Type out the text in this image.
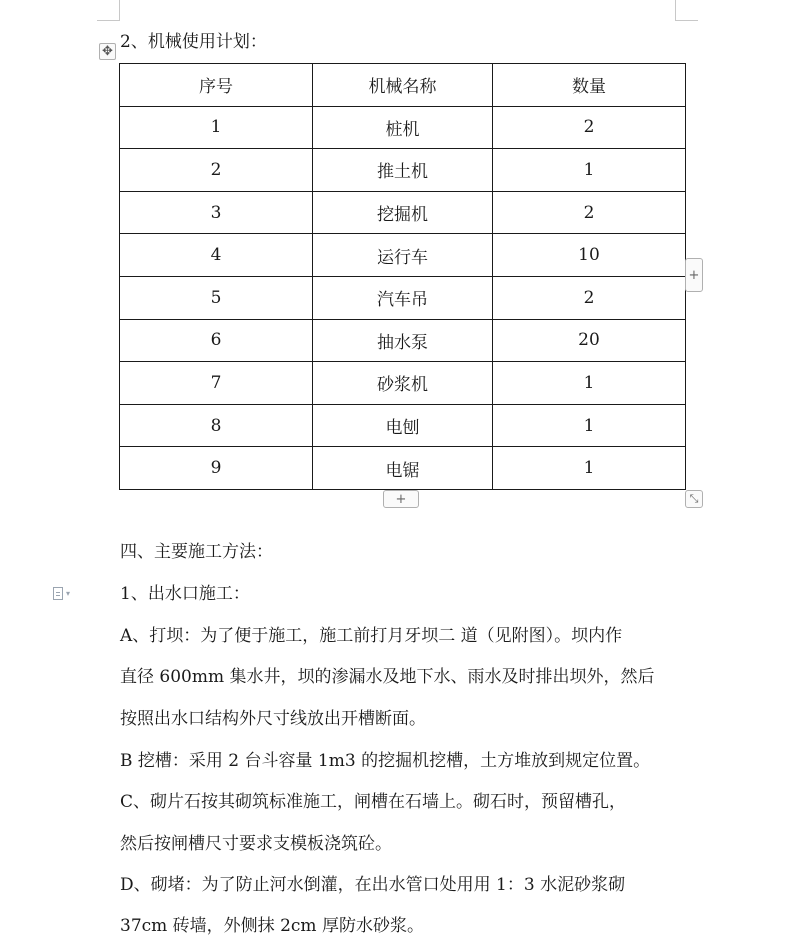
✥ 2、机械使用计划：
序号	机械名称	数量
1	桩机	2
2	推土机	1
3	挖掘机	2
4	运行车	10
5	汽车吊	2
6	抽水泵	20
7	砂浆机	1
8	电刨	1
9	电锯	1
+
+	⤡
四、主要施工方法：
▾	1、出水口施工：
A、打坝：为了便于施工，施工前打月牙坝二 道（见附图）。坝内作
直径 600mm 集水井，坝的渗漏水及地下水、雨水及时排出坝外，然后
按照出水口结构外尺寸线放出开槽断面。
B 挖槽：采用 2 台斗容量 1m3 的挖掘机挖槽，土方堆放到规定位置。
C、砌片石按其砌筑标准施工，闸槽在石墙上。砌石时，预留槽孔，
然后按闸槽尺寸要求支模板浇筑砼。
D、砌堵：为了防止河水倒灌，在出水管口处用用 1：3 水泥砂浆砌
37cm 砖墙，外侧抹 2cm 厚防水砂浆。
